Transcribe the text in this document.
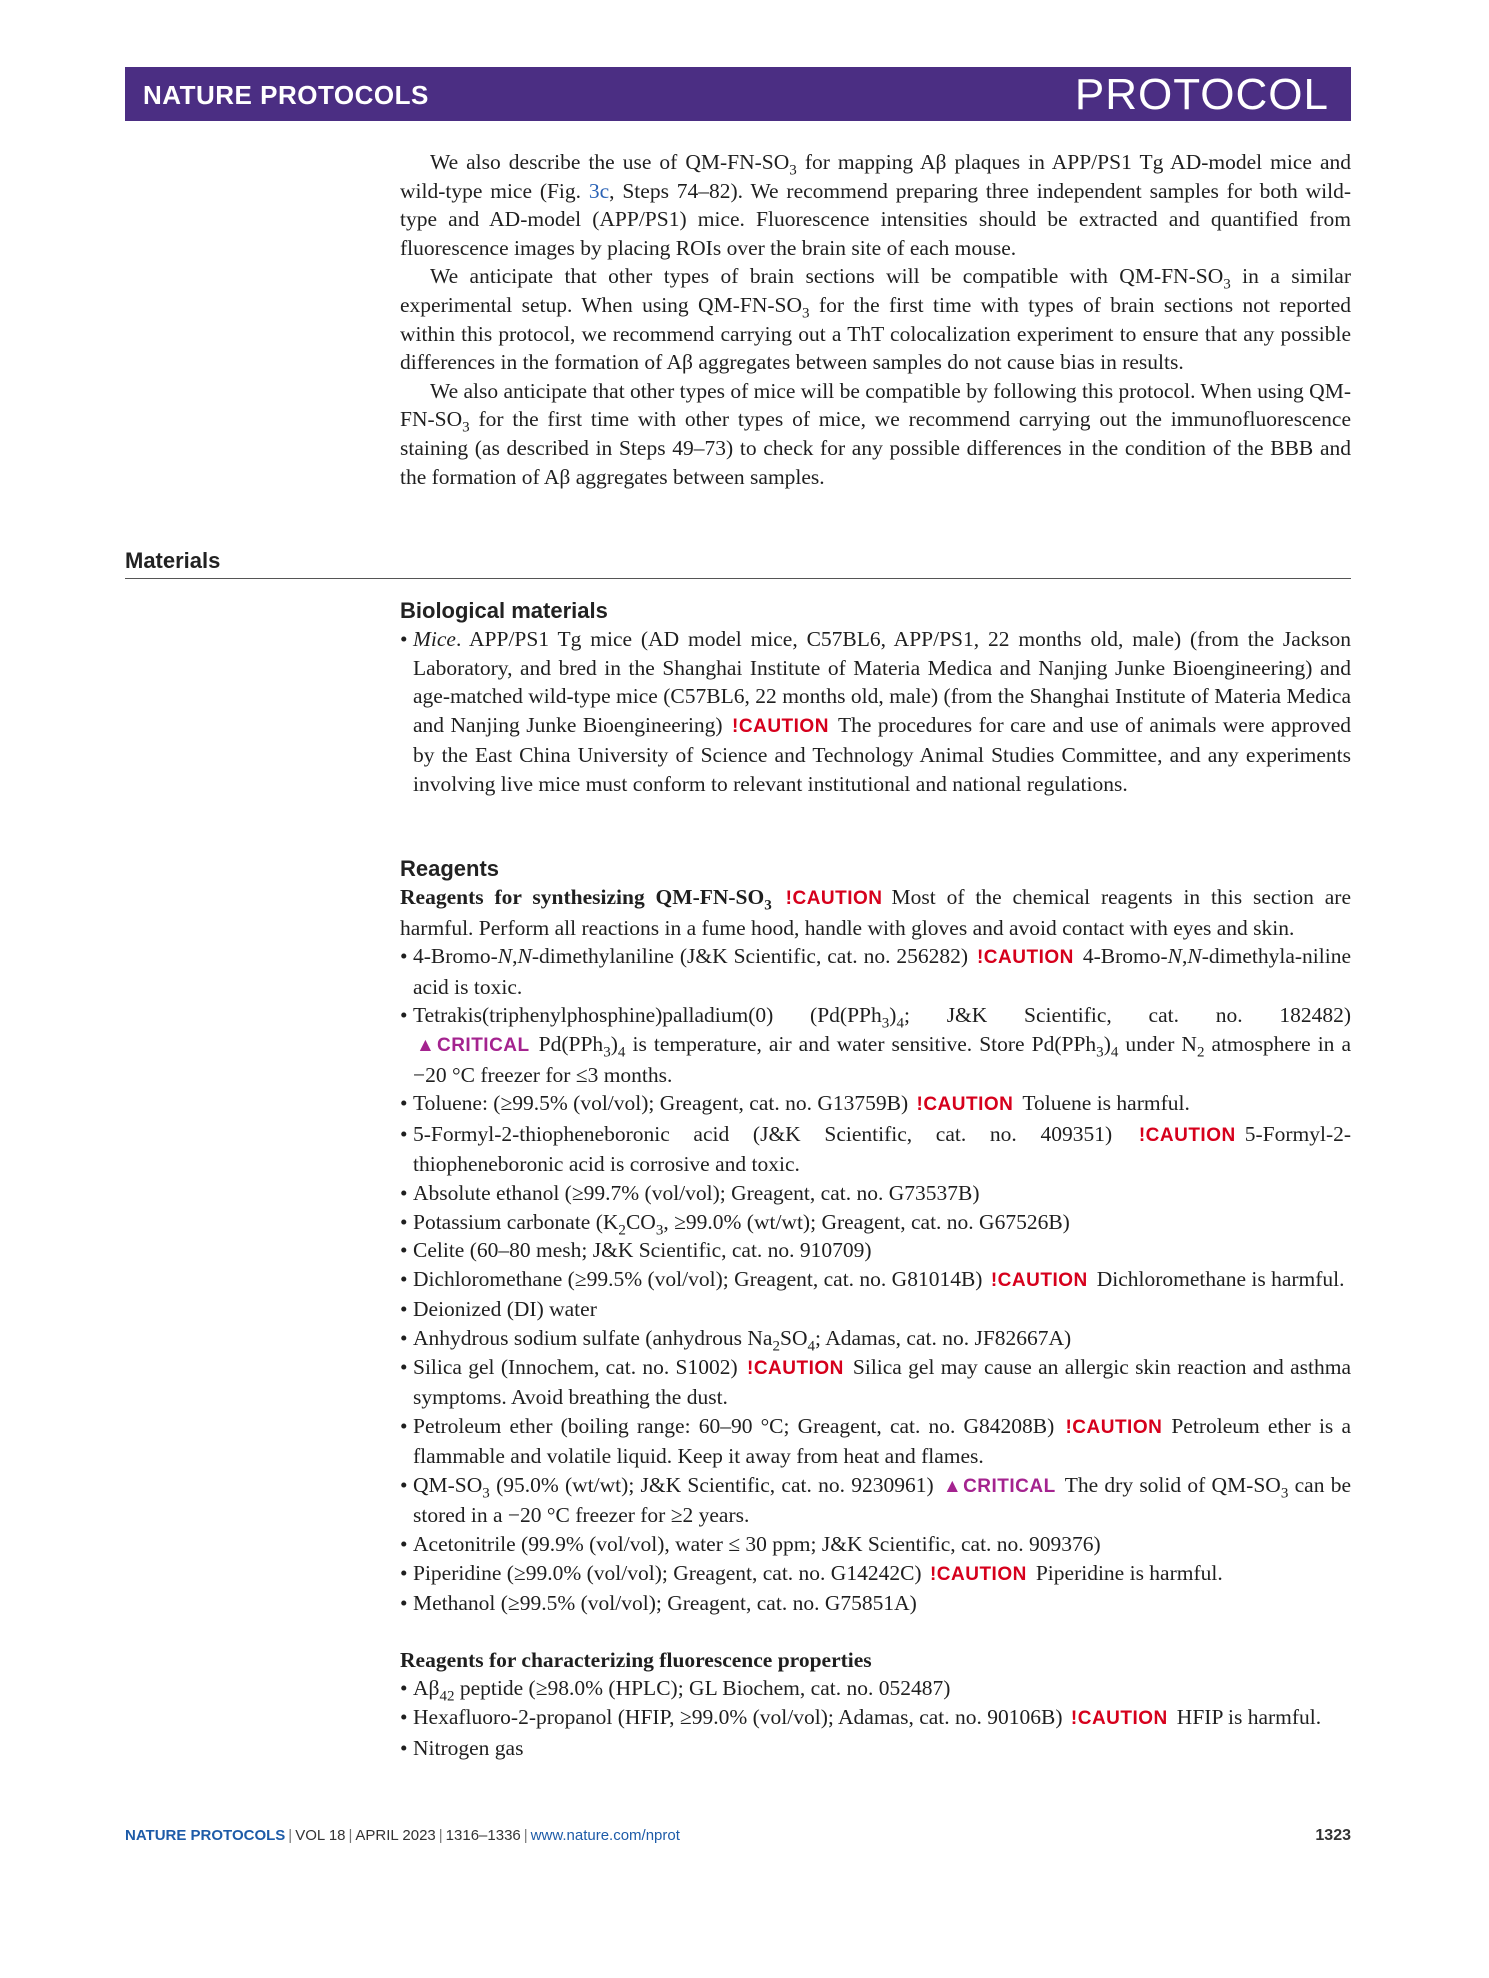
NATURE PROTOCOLS	PROTOCOL

We also describe the use of $QM-FN-SO_3$ for mapping Aβ plaques in APP/PS1 Tg AD-model mice and wild-type mice (Fig. 3c, Steps 74–82). We recommend preparing three independent samples for both wild-type and AD-model (APP/PS1) mice. Fluorescence intensities should be extracted and quantified from fluorescence images by placing ROIs over the brain site of each mouse.

We anticipate that other types of brain sections will be compatible with $QM-FN-SO_3$ in a similar experimental setup. When using $QM-FN-SO_3$ for the first time with types of brain sections not reported within this protocol, we recommend carrying out a ThT colocalization experiment to ensure that any possible differences in the formation of Aβ aggregates between samples do not cause bias in results.

We also anticipate that other types of mice will be compatible by following this protocol. When using $QM-FN-SO_3$ for the first time with other types of mice, we recommend carrying out the immunofluorescence staining (as described in Steps 49–73) to check for any possible differences in the condition of the BBB and the formation of Aβ aggregates between samples.

Materials
Biological materials
• Mice. APP/PS1 Tg mice (AD model mice, C57BL6, APP/PS1, 22 months old, male) (from the Jackson Laboratory, and bred in the Shanghai Institute of Materia Medica and Nanjing Junke Bioengineering) and age-matched wild-type mice (C57BL6, 22 months old, male) (from the Shanghai Institute of Materia Medica and Nanjing Junke Bioengineering) !CAUTION The procedures for care and use of animals were approved by the East China University of Science and Technology Animal Studies Committee, and any experiments involving live mice must conform to relevant institutional and national regulations.
Reagents

Reagents for synthesizing $QM-FN-SO_3$ !CAUTION Most of the chemical reagents in this section are harmful. Perform all reactions in a fume hood, handle with gloves and avoid contact with eyes and skin.

• 4-Bromo-N,N-dimethylaniline (J&K Scientific, cat. no. 256282) !CAUTION 4-Bromo-N,N-dimethyla-niline acid is toxic.
• Tetrakis(triphenylphosphine)palladium(0) ($Pd(PPh_3)_4$; J&K Scientific, cat. no. 182482) ▲CRITICAL $Pd(PPh_3)_4$ is temperature, air and water sensitive. Store $Pd(PPh_3)_4$ under $N_2$ atmosphere in a −20 °C freezer for ≤3 months.
• Toluene: (≥99.5% (vol/vol); Greagent, cat. no. G13759B) !CAUTION Toluene is harmful.
• 5-Formyl-2-thiopheneboronic acid (J&K Scientific, cat. no. 409351) !CAUTION 5-Formyl-2-thiopheneboronic acid is corrosive and toxic.
• Absolute ethanol (≥99.7% (vol/vol); Greagent, cat. no. G73537B)
• Potassium carbonate ($K_2CO_3$, ≥99.0% (wt/wt); Greagent, cat. no. G67526B)
• Celite (60–80 mesh; J&K Scientific, cat. no. 910709)
• Dichloromethane (≥99.5% (vol/vol); Greagent, cat. no. G81014B) !CAUTION Dichloromethane is harmful.
• Deionized (DI) water
• Anhydrous sodium sulfate (anhydrous $Na_2SO_4$; Adamas, cat. no. JF82667A)
• Silica gel (Innochem, cat. no. S1002) !CAUTION Silica gel may cause an allergic skin reaction and asthma symptoms. Avoid breathing the dust.
• Petroleum ether (boiling range: 60–90 °C; Greagent, cat. no. G84208B) !CAUTION Petroleum ether is a flammable and volatile liquid. Keep it away from heat and flames.
• $QM-SO_3$ (95.0% (wt/wt); J&K Scientific, cat. no. 9230961) ▲CRITICAL The dry solid of $QM-SO_3$ can be stored in a −20 °C freezer for ≥2 years.
• Acetonitrile (99.9% (vol/vol), water ≤ 30 ppm; J&K Scientific, cat. no. 909376)
• Piperidine (≥99.0% (vol/vol); Greagent, cat. no. G14242C) !CAUTION Piperidine is harmful.
• Methanol (≥99.5% (vol/vol); Greagent, cat. no. G75851A)
Reagents for characterizing fluorescence properties
• $A\beta_{42}$ peptide (≥98.0% (HPLC); GL Biochem, cat. no. 052487)
• Hexafluoro-2-propanol (HFIP, ≥99.0% (vol/vol); Adamas, cat. no. 90106B) !CAUTION HFIP is harmful.
• Nitrogen gas
NATURE PROTOCOLS | VOL 18 | APRIL 2023 | 1316–1336 | www.nature.com/nprot	1323
